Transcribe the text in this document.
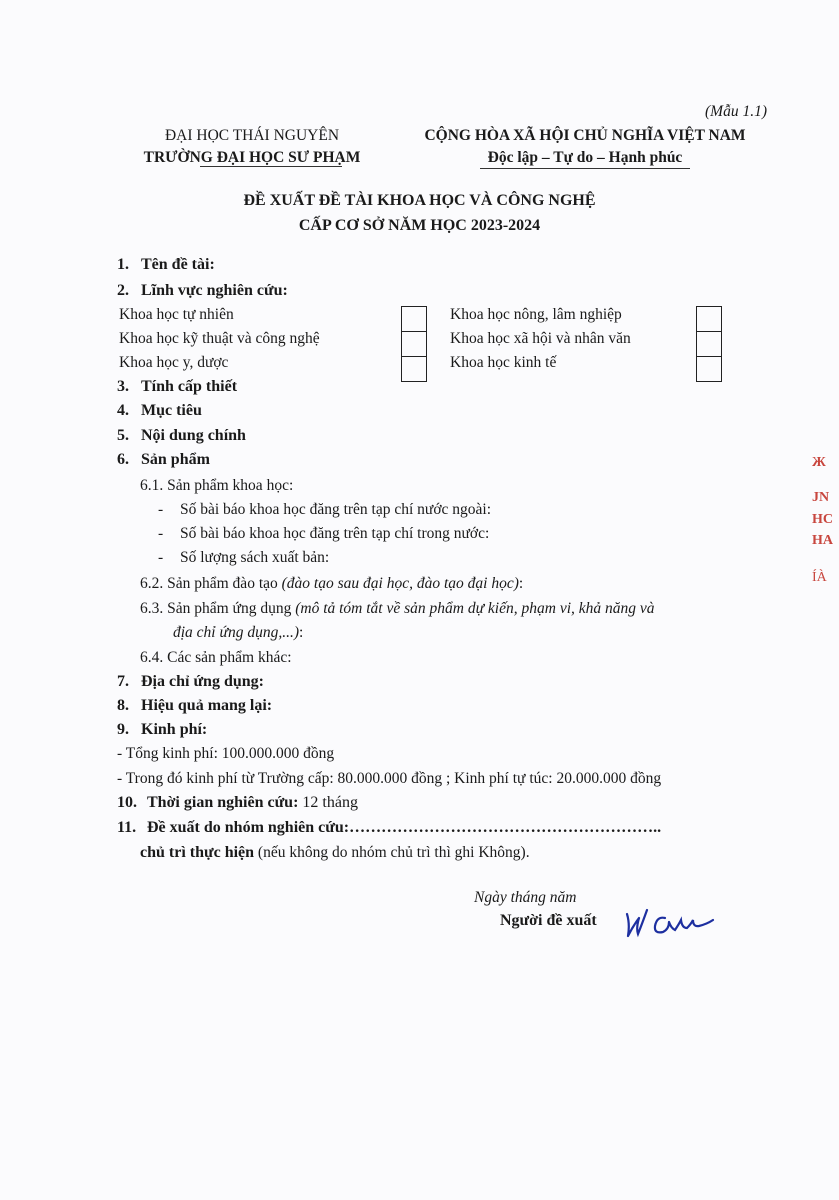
(Mẫu 1.1)
ĐẠI HỌC THÁI NGUYÊN
TRƯỜNG ĐẠI HỌC SƯ PHẠM
CỘNG HÒA XÃ HỘI CHỦ NGHĨA VIỆT NAM
Độc lập – Tự do – Hạnh phúc
ĐỀ XUẤT ĐỀ TÀI KHOA HỌC VÀ CÔNG NGHỆ
CẤP CƠ SỞ NĂM HỌC 2023-2024
1. Tên đề tài:
2. Lĩnh vực nghiên cứu:
Khoa học tự nhiên
Khoa học kỹ thuật và công nghệ
Khoa học y, dược
Khoa học nông, lâm nghiệp
Khoa học xã hội và nhân văn
Khoa học kinh tế
3. Tính cấp thiết
4. Mục tiêu
5. Nội dung chính
6. Sản phẩm
6.1. Sản phẩm khoa học:
- Số bài báo khoa học đăng trên tạp chí nước ngoài:
- Số bài báo khoa học đăng trên tạp chí trong nước:
- Số lượng sách xuất bản:
6.2. Sản phẩm đào tạo (đào tạo sau đại học, đào tạo đại học):
6.3. Sản phẩm ứng dụng (mô tả tóm tắt về sản phẩm dự kiến, phạm vi, khả năng và
địa chỉ ứng dụng,...):
6.4. Các sản phẩm khác:
7. Địa chỉ ứng dụng:
8. Hiệu quả mang lại:
9. Kinh phí:
- Tổng kinh phí: 100.000.000 đồng
- Trong đó kinh phí từ Trường cấp: 80.000.000 đồng ; Kinh phí tự túc: 20.000.000 đồng
10. Thời gian nghiên cứu: 12 tháng
11. Đề xuất do nhóm nghiên cứu:…………………………………………………..
chủ trì thực hiện (nếu không do nhóm chủ trì thì ghi Không).
Ngày tháng năm
Người đề xuất
Ж
JN
HC
HA
ÍÀ
